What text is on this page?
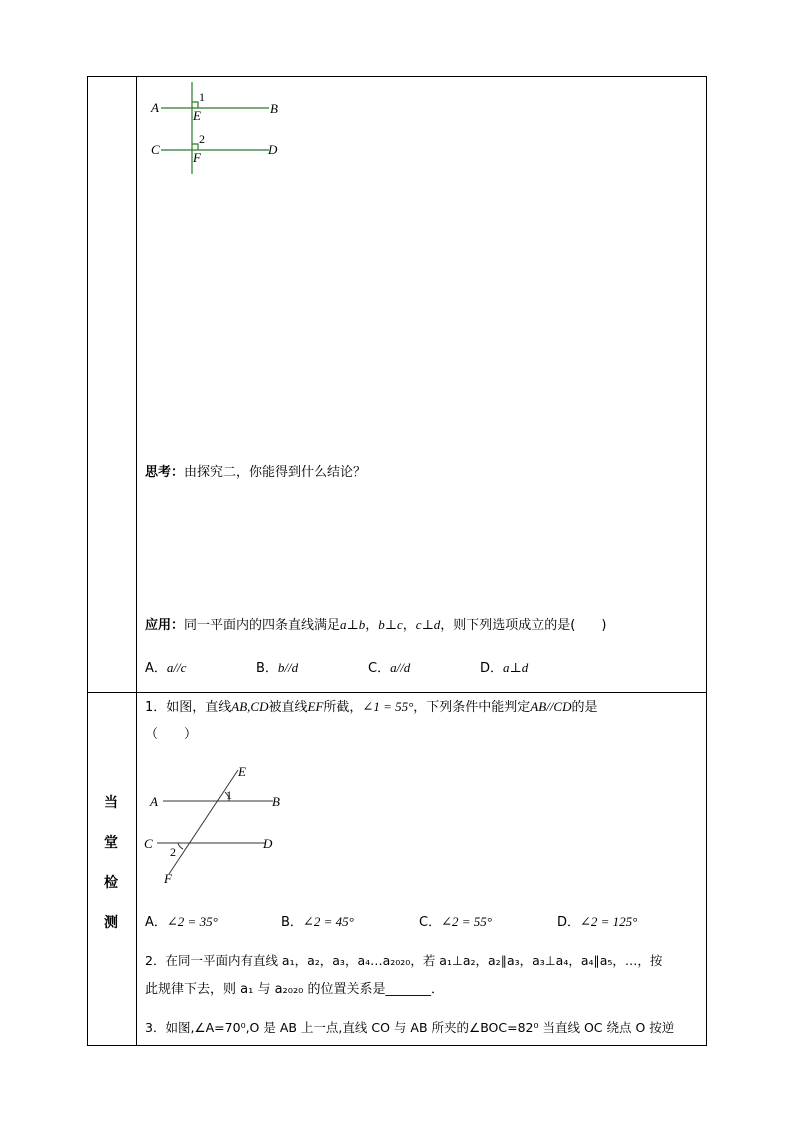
A	B
C	D
E
F
1
2
思考：由探究二，你能得到什么结论？
应用：同一平面内的四条直线满足a⊥b，b⊥c，c⊥d，则下列选项成立的是(　　)
A．a//c	B．b//d	C．a//d	D．a⊥d
当
堂
检
测
1．如图，直线AB,CD被直线EF所截，∠1 = 55°，下列条件中能判定AB//CD的是
（　　）
E
A	B
C	D
F
1
2
A．∠2 = 35°	B．∠2 = 45°	C．∠2 = 55°	D．∠2 = 125°
2．在同一平面内有直线 a₁，a₂，a₃，a₄…a₂₀₂₀，若 a₁⊥a₂，a₂∥a₃，a₃⊥a₄，a₄∥a₅，…，按
此规律下去，则 a₁ 与 a₂₀₂₀ 的位置关系是_______．
3．如图,∠A=70⁰,O 是 AB 上一点,直线 CO 与 AB 所夹的∠BOC=82⁰ 当直线 OC 绕点 O 按逆
